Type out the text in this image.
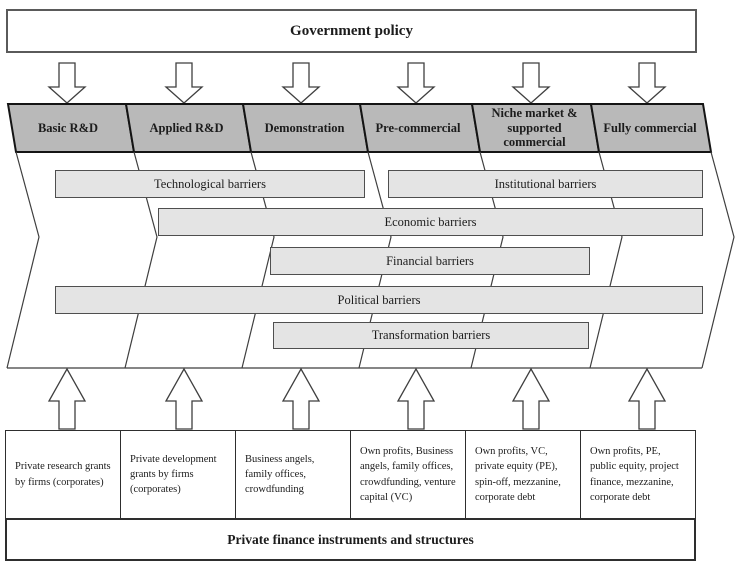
Government policy
Basic R&D	Applied R&D	Demonstration	Pre-commercial
Niche market & supported commercial
Fully commercial
Technological barriers	Institutional barriers
Economic barriers
Financial barriers
Political barriers
Transformation barriers
Private research grants by firms (corporates)
Private development grants by firms (corporates)
Business angels, family offices, crowdfunding
Own profits, Business angels, family offices, crowdfunding, venture capital (VC)
Own profits, VC, private equity (PE), spin-off, mezzanine, corporate debt
Own profits, PE, public equity, project finance, mezzanine, corporate debt
Private finance instruments and structures
